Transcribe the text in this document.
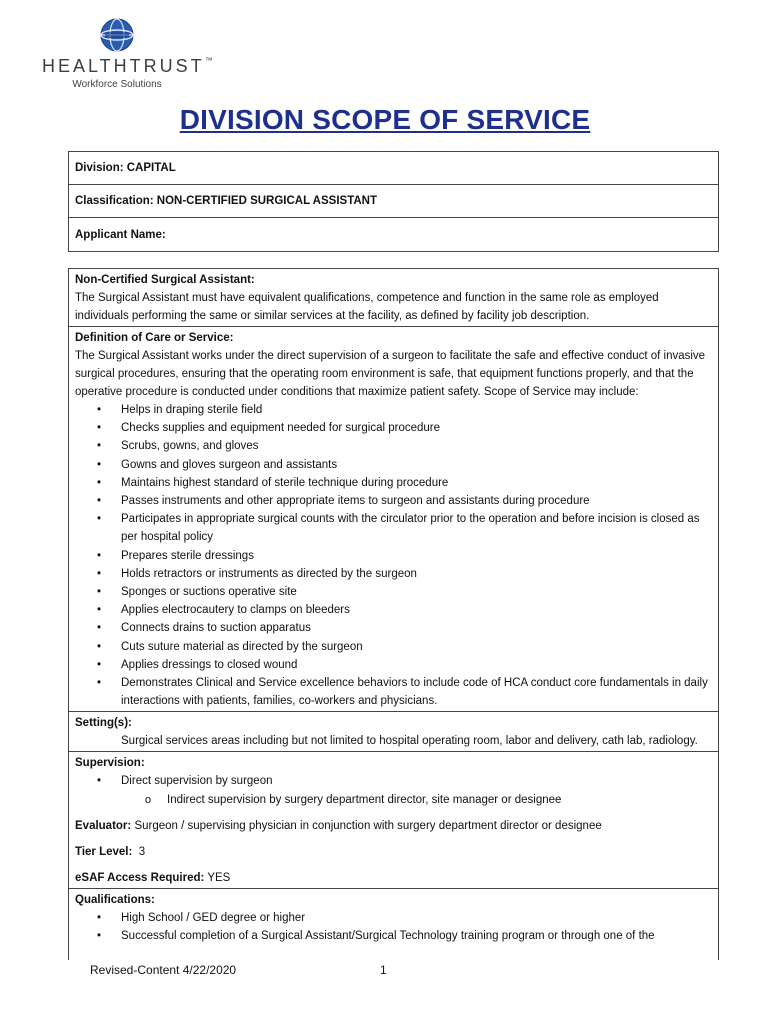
HEALTHTRUST™
Workforce Solutions
DIVISION SCOPE OF SERVICE
Division: CAPITAL
Classification: NON-CERTIFIED SURGICAL ASSISTANT
Applicant Name:
Non-Certified Surgical Assistant:

The Surgical Assistant must have equivalent qualifications, competence and function in the same role as employed individuals performing the same or similar services at the facility, as defined by facility job description.

Definition of Care or Service:

The Surgical Assistant works under the direct supervision of a surgeon to facilitate the safe and effective conduct of invasive surgical procedures, ensuring that the operating room environment is safe, that equipment functions properly, and that the operative procedure is conducted under conditions that maximize patient safety. Scope of Service may include:

• Helps in draping sterile field
• Checks supplies and equipment needed for surgical procedure
• Scrubs, gowns, and gloves
• Gowns and gloves surgeon and assistants
• Maintains highest standard of sterile technique during procedure
• Passes instruments and other appropriate items to surgeon and assistants during procedure
• Participates in appropriate surgical counts with the circulator prior to the operation and before incision is closed as per hospital policy
• Prepares sterile dressings
• Holds retractors or instruments as directed by the surgeon
• Sponges or suctions operative site
• Applies electrocautery to clamps on bleeders
• Connects drains to suction apparatus
• Cuts suture material as directed by the surgeon
• Applies dressings to closed wound
• Demonstrates Clinical and Service excellence behaviors to include code of HCA conduct core fundamentals in daily interactions with patients, families, co-workers and physicians.
Setting(s):
Surgical services areas including but not limited to hospital operating room, labor and delivery, cath lab, radiology.
Supervision:
• Direct supervision by surgeon
o Indirect supervision by surgery department director, site manager or designee
Evaluator: Surgeon / supervising physician in conjunction with surgery department director or designee
Tier Level: 3
eSAF Access Required: YES
Qualifications:
• High School / GED degree or higher
• Successful completion of a Surgical Assistant/Surgical Technology training program or through one of the
Revised-Content 4/22/2020	1
